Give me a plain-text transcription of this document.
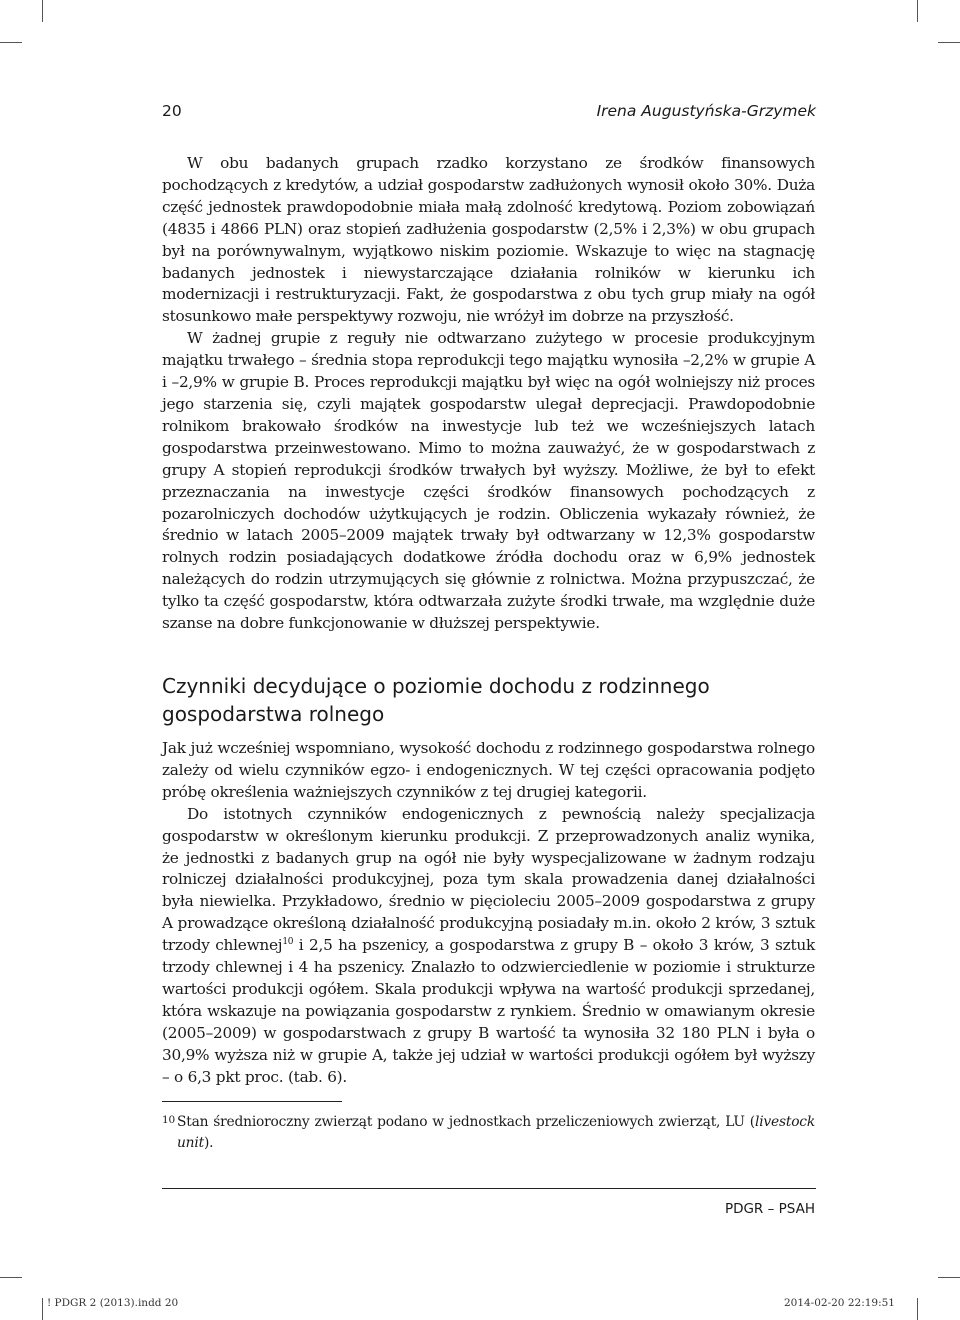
20	Irena Augustyńska-Grzymek

W obu badanych grupach rzadko korzystano ze środków finansowych pochodzących z kredytów, a udział gospodarstw zadłużonych wynosił około 30%. Duża część jednostek prawdopodobnie miała małą zdolność kredytową. Poziom zobowiązań (4835 i 4866 PLN) oraz stopień zadłużenia gospodarstw (2,5% i 2,3%) w obu grupach był na porównywalnym, wyjątkowo niskim poziomie. Wskazuje to więc na stagnację badanych jednostek i niewystarczające działania rolników w kierunku ich modernizacji i restrukturyzacji. Fakt, że gospodarstwa z obu tych grup miały na ogół stosunkowo małe perspektywy rozwoju, nie wróżył im dobrze na przyszłość.

W żadnej grupie z reguły nie odtwarzano zużytego w procesie produkcyjnym majątku trwałego – średnia stopa reprodukcji tego majątku wynosiła –2,2% w grupie A i –2,9% w grupie B. Proces reprodukcji majątku był więc na ogół wolniejszy niż proces jego starzenia się, czyli majątek gospodarstw ulegał deprecjacji. Prawdopodobnie rolnikom brakowało środków na inwestycje lub też we wcześniejszych latach gospodarstwa przeinwestowano. Mimo to można zauważyć, że w gospodarstwach z grupy A stopień reprodukcji środków trwałych był wyższy. Możliwe, że był to efekt przeznaczania na inwestycje części środków finansowych pochodzących z pozarolniczych dochodów użytkujących je rodzin. Obliczenia wykazały również, że średnio w latach 2005–2009 majątek trwały był odtwarzany w 12,3% gospodarstw rolnych rodzin posiadających dodatkowe źródła dochodu oraz w 6,9% jednostek należących do rodzin utrzymujących się głównie z rolnictwa. Można przypuszczać, że tylko ta część gospodarstw, która odtwarzała zużyte środki trwałe, ma względnie duże szanse na dobre funkcjonowanie w dłuższej perspektywie.

Czynniki decydujące o poziomie dochodu z rodzinnego gospodarstwa rolnego

Jak już wcześniej wspomniano, wysokość dochodu z rodzinnego gospodarstwa rolnego zależy od wielu czynników egzo- i endogenicznych. W tej części opracowania podjęto próbę określenia ważniejszych czynników z tej drugiej kategorii.

Do istotnych czynników endogenicznych z pewnością należy specjalizacja gospodarstw w określonym kierunku produkcji. Z przeprowadzonych analiz wynika, że jednostki z badanych grup na ogół nie były wyspecjalizowane w żadnym rodzaju rolniczej działalności produkcyjnej, poza tym skala prowadzenia danej działalności była niewielka. Przykładowo, średnio w pięcioleciu 2005–2009 gospodarstwa z grupy A prowadzące określoną działalność produkcyjną posiadały m.in. około 2 krów, 3 sztuk trzody chlewnej$^{10}$ i 2,5 ha pszenicy, a gospodarstwa z grupy B – około 3 krów, 3 sztuk trzody chlewnej i 4 ha pszenicy. Znalazło to odzwierciedlenie w poziomie i strukturze wartości produkcji ogółem. Skala produkcji wpływa na wartość produkcji sprzedanej, która wskazuje na powiązania gospodarstw z rynkiem. Średnio w omawianym okresie (2005–2009) w gospodarstwach z grupy B wartość ta wynosiła 32 180 PLN i była o 30,9% wyższa niż w grupie A, także jej udział w wartości produkcji ogółem był wyższy – o 6,3 pkt proc. (tab. 6).

10 Stan średnioroczny zwierząt podano w jednostkach przeliczeniowych zwierząt, LU (livestock unit).
PDGR – PSAH
! PDGR 2 (2013).indd 20	2014-02-20 22:19:51
